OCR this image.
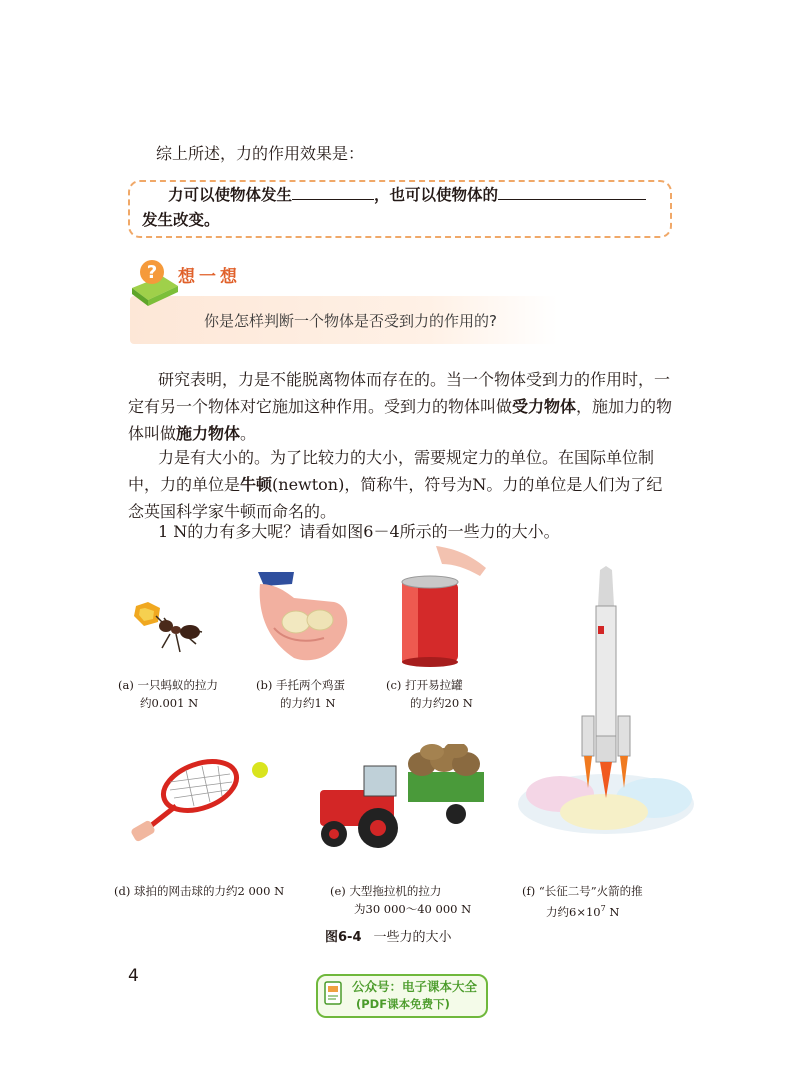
综上所述，力的作用效果是：
力可以使物体发生	，也可以使物体的
发生改变。
? 想一想
你是怎样判断一个物体是否受到力的作用的?
研究表明，力是不能脱离物体而存在的。当一个物体受到力的作用时，一
定有另一个物体对它施加这种作用。受到力的物体叫做受力物体，施加力的物
体叫做施力物体。
力是有大小的。为了比较力的大小，需要规定力的单位。在国际单位制
中，力的单位是牛顿(newton)，简称牛，符号为N。力的单位是人们为了纪
念英国科学家牛顿而命名的。
1 N的力有多大呢？请看如图6－4所示的一些力的大小。
(a) 一只蚂蚁的拉力
约0.001 N
(b) 手托两个鸡蛋
的力约1 N
(c) 打开易拉罐
的力约20 N
(d) 球拍的网击球的力约2 000 N	(e) 大型拖拉机的拉力
为30 000～40 000 N
(f) “长征二号”火箭的推
力约$6\times 10^7$ N
图6-4 一些力的大小
4
公众号：电子课本大全
(PDF课本免费下)
